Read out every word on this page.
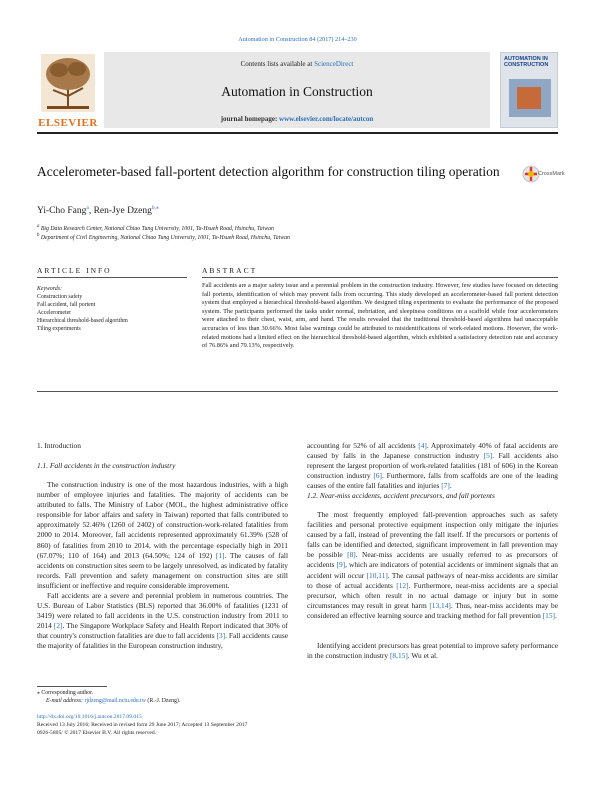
Automation in Construction 84 (2017) 214–230
ELSEVIER
Contents lists available at ScienceDirect
Automation in Construction
journal homepage: www.elsevier.com/locate/autcon
AUTOMATION IN CONSTRUCTION
Accelerometer-based fall-portent detection algorithm for construction tiling operation	CrossMark
Yi-Cho Fang$^a$, Ren-Jye Dzeng$^{b,⁎}$
$^a$ Big Data Research Center, National Chiao Tung University, 1001, Ta-Hsueh Road, Hsinchu, Taiwan
$^b$ Department of Civil Engineering, National Chiao Tung University, 1001, Ta-Hsueh Road, Hsinchu, Taiwan
ARTICLE INFO	ABSTRACT
Keywords:
Construction safety
Fall accident, fall portent
Accelerometer
Hierarchical threshold-based algorithm
Tiling experiments
Fall accidents are a major safety issue and a perennial problem in the construction industry. However, few studies have focused on detecting fall portents, identification of which may prevent falls from occurring. This study developed an accelerometer-based fall portent detection system that employed a hierarchical threshold-based algorithm. We designed tiling experiments to evaluate the performance of the proposed system. The participants performed the tasks under normal, inebriation, and sleepiness conditions on a scaffold while four accelerometers were attached to their chest, waist, arm, and hand. The results revealed that the traditional threshold-based algorithms had unacceptable accuracies of less than 30.66%. Most false warnings could be attributed to misidentifications of work-related motions. However, the work-related motions had a limited effect on the hierarchical threshold-based algorithm, which exhibited a satisfactory detection rate and accuracy of 76.86% and 79.13%, respectively.
1. Introduction
1.1. Fall accidents in the construction industry
The construction industry is one of the most hazardous industries, with a high number of employee injuries and fatalities. The majority of accidents can be attributed to falls. The Ministry of Labor (MOL, the highest administrative office responsible for labor affairs and safety in Taiwan) reported that falls contributed to approximately 52.46% (1260 of 2402) of construction-work-related fatalities from 2000 to 2014. Moreover, fall accidents represented approximately 61.39% (528 of 860) of fatalities from 2010 to 2014, with the percentage especially high in 2011 (67.07%; 110 of 164) and 2013 (64.50%; 124 of 192) [1]. The causes of fall accidents on construction sites seem to be largely unresolved, as indicated by fatality records. Fall prevention and safety management on construction sites are still insufficient or ineffective and require considerable improvement.
Fall accidents are a severe and perennial problem in numerous countries. The U.S. Bureau of Labor Statistics (BLS) reported that 36.00% of fatalities (1231 of 3419) were related to fall accidents in the U.S. construction industry from 2011 to 2014 [2]. The Singapore Workplace Safety and Health Report indicated that 30% of that country's construction fatalities are due to fall accidents [3]. Fall accidents cause the majority of fatalities in the European construction industry,
accounting for 52% of all accidents [4]. Approximately 40% of fatal accidents are caused by falls in the Japanese construction industry [5]. Fall accidents also represent the largest proportion of work-related fatalities (181 of 606) in the Korean construction industry [6]. Furthermore, falls from scaffolds are one of the leading causes of the entire fall fatalities and injuries [7].
1.2. Near-miss accidents, accident precursors, and fall portents
The most frequently employed fall-prevention approaches such as safety facilities and personal protective equipment inspection only mitigate the injuries caused by a fall, instead of preventing the fall itself. If the precursors or portents of falls can be identified and detected, significant improvement in fall prevention may be possible [8]. Near-miss accidents are usually referred to as precursors of accidents [9], which are indicators of potential accidents or imminent signals that an accident will occur [10,11]. The causal pathways of near-miss accidents are similar to those of actual accidents [12]. Furthermore, near-miss accidents are a special precursor, which often result in no actual damage or injury but in some circumstances may result in great harm [13,14]. Thus, near-miss accidents may be considered an effective learning source and tracking method for fall prevention [15].
Identifying accident precursors has great potential to improve safety performance in the construction industry [8,15]. Wu et al.
⁎ Corresponding author.
E-mail address: rjdzeng@mail.nctu.edu.tw (R.-J. Dzeng).
http://dx.doi.org/10.1016/j.autcon.2017.09.015
Received 13 July 2016; Received in revised form 29 June 2017; Accepted 13 September 2017
0926-5805/ © 2017 Elsevier B.V. All rights reserved.
